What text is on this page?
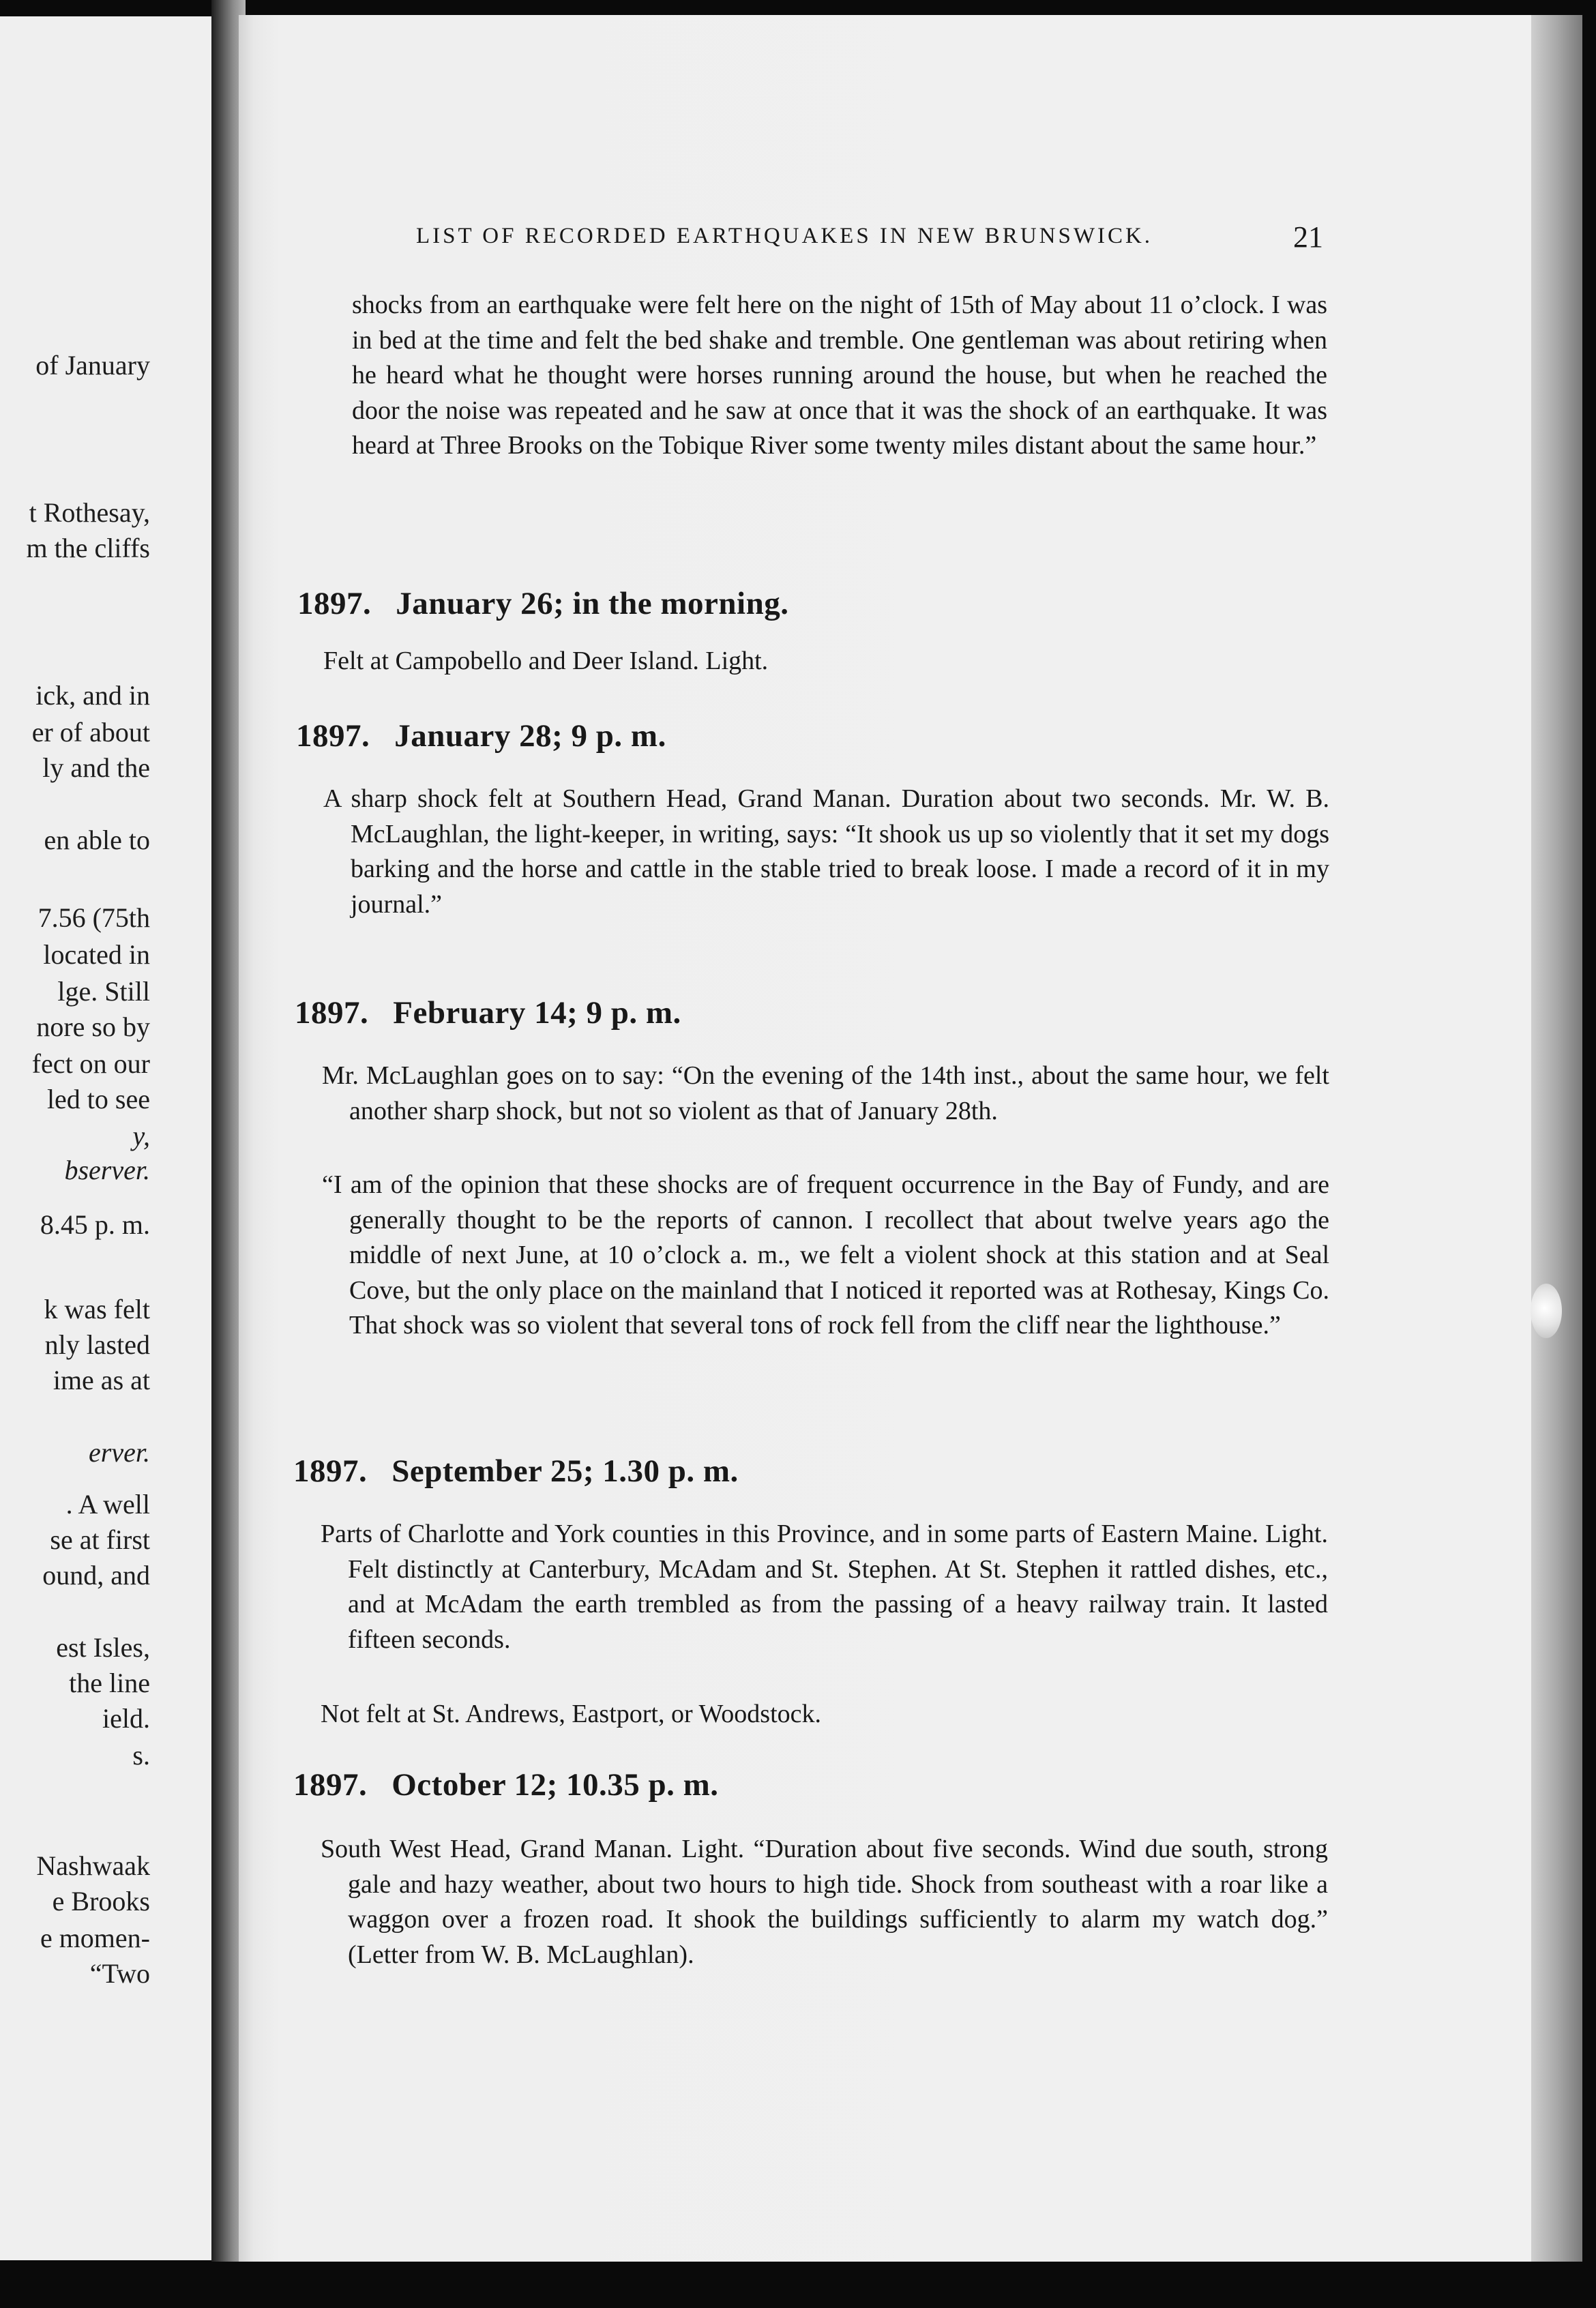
of January
t Rothesay,
m the cliffs
ick, and in
er of about
ly and the
en able to
7.56 (75th
located in
lge. Still
nore so by
fect on our
led to see
y,
bserver.
8.45 p. m.
k was felt
nly lasted
ime as at
erver.
. A well
se at first
ound, and
est Isles,
the line
ield.
s.
Nashwaak
e Brooks
e momen-
“Two
LIST OF RECORDED EARTHQUAKES IN NEW BRUNSWICK.	21

shocks from an earthquake were felt here on the night of 15th of May about 11 o’clock. I was in bed at the time and felt the bed shake and tremble. One gentleman was about retiring when he heard what he thought were horses running around the house, but when he reached the door the noise was repeated and he saw at once that it was the shock of an earthquake. It was heard at Three Brooks on the Tobique River some twenty miles distant about the same hour.”

1897. January 26; in the morning.

Felt at Campobello and Deer Island. Light.

1897. January 28; 9 p. m.

A sharp shock felt at Southern Head, Grand Manan. Duration about two seconds. Mr. W. B. McLaughlan, the light-keeper, in writing, says: “It shook us up so violently that it set my dogs barking and the horse and cattle in the stable tried to break loose. I made a record of it in my journal.”

1897. February 14; 9 p. m.

Mr. McLaughlan goes on to say: “On the evening of the 14th inst., about the same hour, we felt another sharp shock, but not so violent as that of January 28th.

“I am of the opinion that these shocks are of frequent occurrence in the Bay of Fundy, and are generally thought to be the reports of cannon. I recollect that about twelve years ago the middle of next June, at 10 o’clock a. m., we felt a violent shock at this station and at Seal Cove, but the only place on the mainland that I noticed it reported was at Rothesay, Kings Co. That shock was so violent that several tons of rock fell from the cliff near the lighthouse.”

1897. September 25; 1.30 p. m.

Parts of Charlotte and York counties in this Province, and in some parts of Eastern Maine. Light. Felt distinctly at Canterbury, McAdam and St. Stephen. At St. Stephen it rattled dishes, etc., and at McAdam the earth trembled as from the passing of a heavy railway train. It lasted fifteen seconds.

Not felt at St. Andrews, Eastport, or Woodstock.

1897. October 12; 10.35 p. m.

South West Head, Grand Manan. Light. “Duration about five seconds. Wind due south, strong gale and hazy weather, about two hours to high tide. Shock from southeast with a roar like a waggon over a frozen road. It shook the buildings sufficiently to alarm my watch dog.” (Letter from W. B. McLaughlan).
